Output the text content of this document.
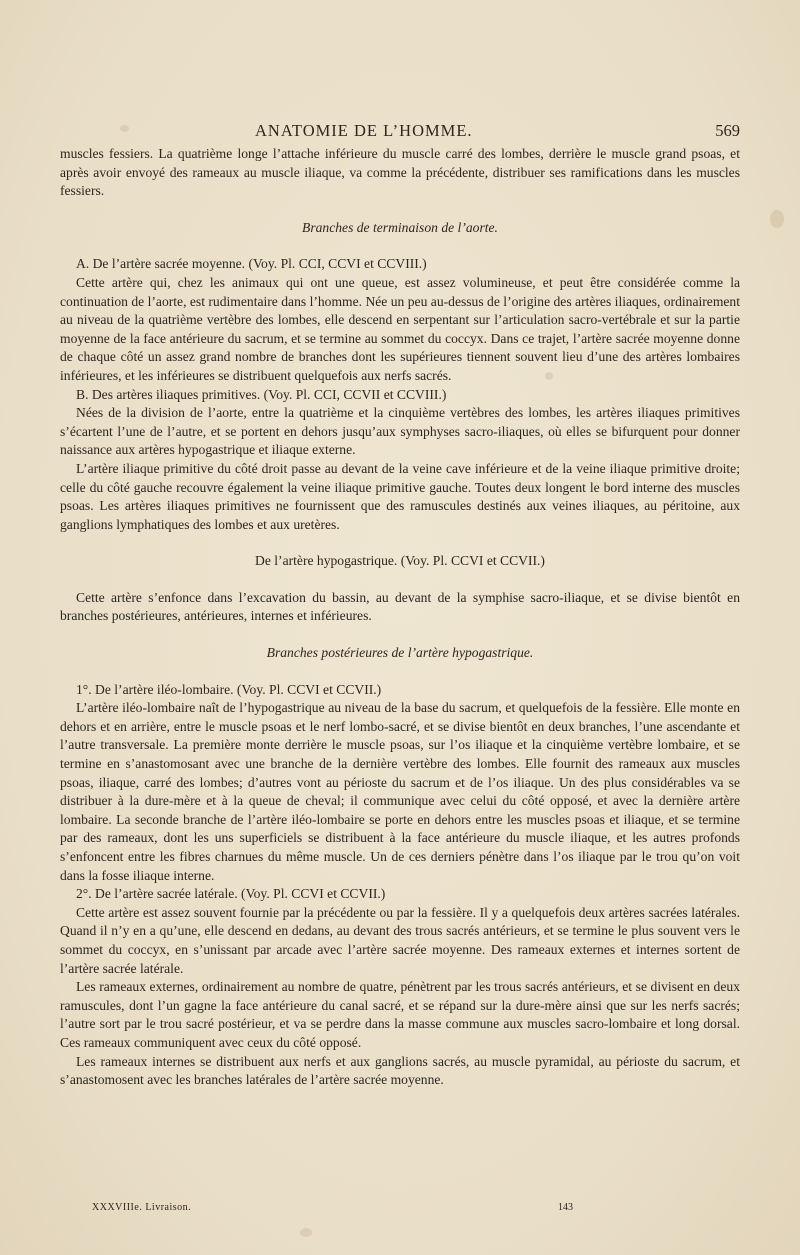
ANATOMIE DE L’HOMME.	569

muscles fessiers. La quatrième longe l’attache inférieure du muscle carré des lombes, derrière le muscle grand psoas, et après avoir envoyé des rameaux au muscle iliaque, va comme la précédente, distribuer ses ramifications dans les muscles fessiers.

Branches de terminaison de l’aorte.

A. De l’artère sacrée moyenne. (Voy. Pl. CCI, CCVI et CCVIII.)

Cette artère qui, chez les animaux qui ont une queue, est assez volumineuse, et peut être considérée comme la continuation de l’aorte, est rudimentaire dans l’homme. Née un peu au-dessus de l’origine des artères iliaques, ordinairement au niveau de la quatrième vertèbre des lombes, elle descend en serpentant sur l’articulation sacro-vertébrale et sur la partie moyenne de la face antérieure du sacrum, et se termine au sommet du coccyx. Dans ce trajet, l’artère sacrée moyenne donne de chaque côté un assez grand nombre de branches dont les supérieures tiennent souvent lieu d’une des artères lombaires inférieures, et les inférieures se distribuent quelquefois aux nerfs sacrés.

B. Des artères iliaques primitives. (Voy. Pl. CCI, CCVII et CCVIII.)

Nées de la division de l’aorte, entre la quatrième et la cinquième vertèbres des lombes, les artères iliaques primitives s’écartent l’une de l’autre, et se portent en dehors jusqu’aux symphyses sacro-iliaques, où elles se bifurquent pour donner naissance aux artères hypogastrique et iliaque externe.

L’artère iliaque primitive du côté droit passe au devant de la veine cave inférieure et de la veine iliaque primitive droite; celle du côté gauche recouvre également la veine iliaque primitive gauche. Toutes deux longent le bord interne des muscles psoas. Les artères iliaques primitives ne fournissent que des ramuscules destinés aux veines iliaques, au péritoine, aux ganglions lymphatiques des lombes et aux uretères.

De l’artère hypogastrique. (Voy. Pl. CCVI et CCVII.)

Cette artère s’enfonce dans l’excavation du bassin, au devant de la symphise sacro-iliaque, et se divise bientôt en branches postérieures, antérieures, internes et inférieures.

Branches postérieures de l’artère hypogastrique.

1°. De l’artère iléo-lombaire. (Voy. Pl. CCVI et CCVII.)

L’artère iléo-lombaire naît de l’hypogastrique au niveau de la base du sacrum, et quelquefois de la fessière. Elle monte en dehors et en arrière, entre le muscle psoas et le nerf lombo-sacré, et se divise bientôt en deux branches, l’une ascendante et l’autre transversale. La première monte derrière le muscle psoas, sur l’os iliaque et la cinquième vertèbre lombaire, et se termine en s’anastomosant avec une branche de la dernière vertèbre des lombes. Elle fournit des rameaux aux muscles psoas, iliaque, carré des lombes; d’autres vont au périoste du sacrum et de l’os iliaque. Un des plus considérables va se distribuer à la dure-mère et à la queue de cheval; il communique avec celui du côté opposé, et avec la dernière artère lombaire. La seconde branche de l’artère iléo-lombaire se porte en dehors entre les muscles psoas et iliaque, et se termine par des rameaux, dont les uns superficiels se distribuent à la face antérieure du muscle iliaque, et les autres profonds s’enfoncent entre les fibres charnues du même muscle. Un de ces derniers pénètre dans l’os iliaque par le trou qu’on voit dans la fosse iliaque interne.

2°. De l’artère sacrée latérale. (Voy. Pl. CCVI et CCVII.)

Cette artère est assez souvent fournie par la précédente ou par la fessière. Il y a quelquefois deux artères sacrées latérales. Quand il n’y en a qu’une, elle descend en dedans, au devant des trous sacrés antérieurs, et se termine le plus souvent vers le sommet du coccyx, en s’unissant par arcade avec l’artère sacrée moyenne. Des rameaux externes et internes sortent de l’artère sacrée latérale.

Les rameaux externes, ordinairement au nombre de quatre, pénètrent par les trous sacrés antérieurs, et se divisent en deux ramuscules, dont l’un gagne la face antérieure du canal sacré, et se répand sur la dure-mère ainsi que sur les nerfs sacrés; l’autre sort par le trou sacré postérieur, et va se perdre dans la masse commune aux muscles sacro-lombaire et long dorsal. Ces rameaux communiquent avec ceux du côté opposé.

Les rameaux internes se distribuent aux nerfs et aux ganglions sacrés, au muscle pyramidal, au périoste du sacrum, et s’anastomosent avec les branches latérales de l’artère sacrée moyenne.

XXXVIIIe. Livraison.	143
